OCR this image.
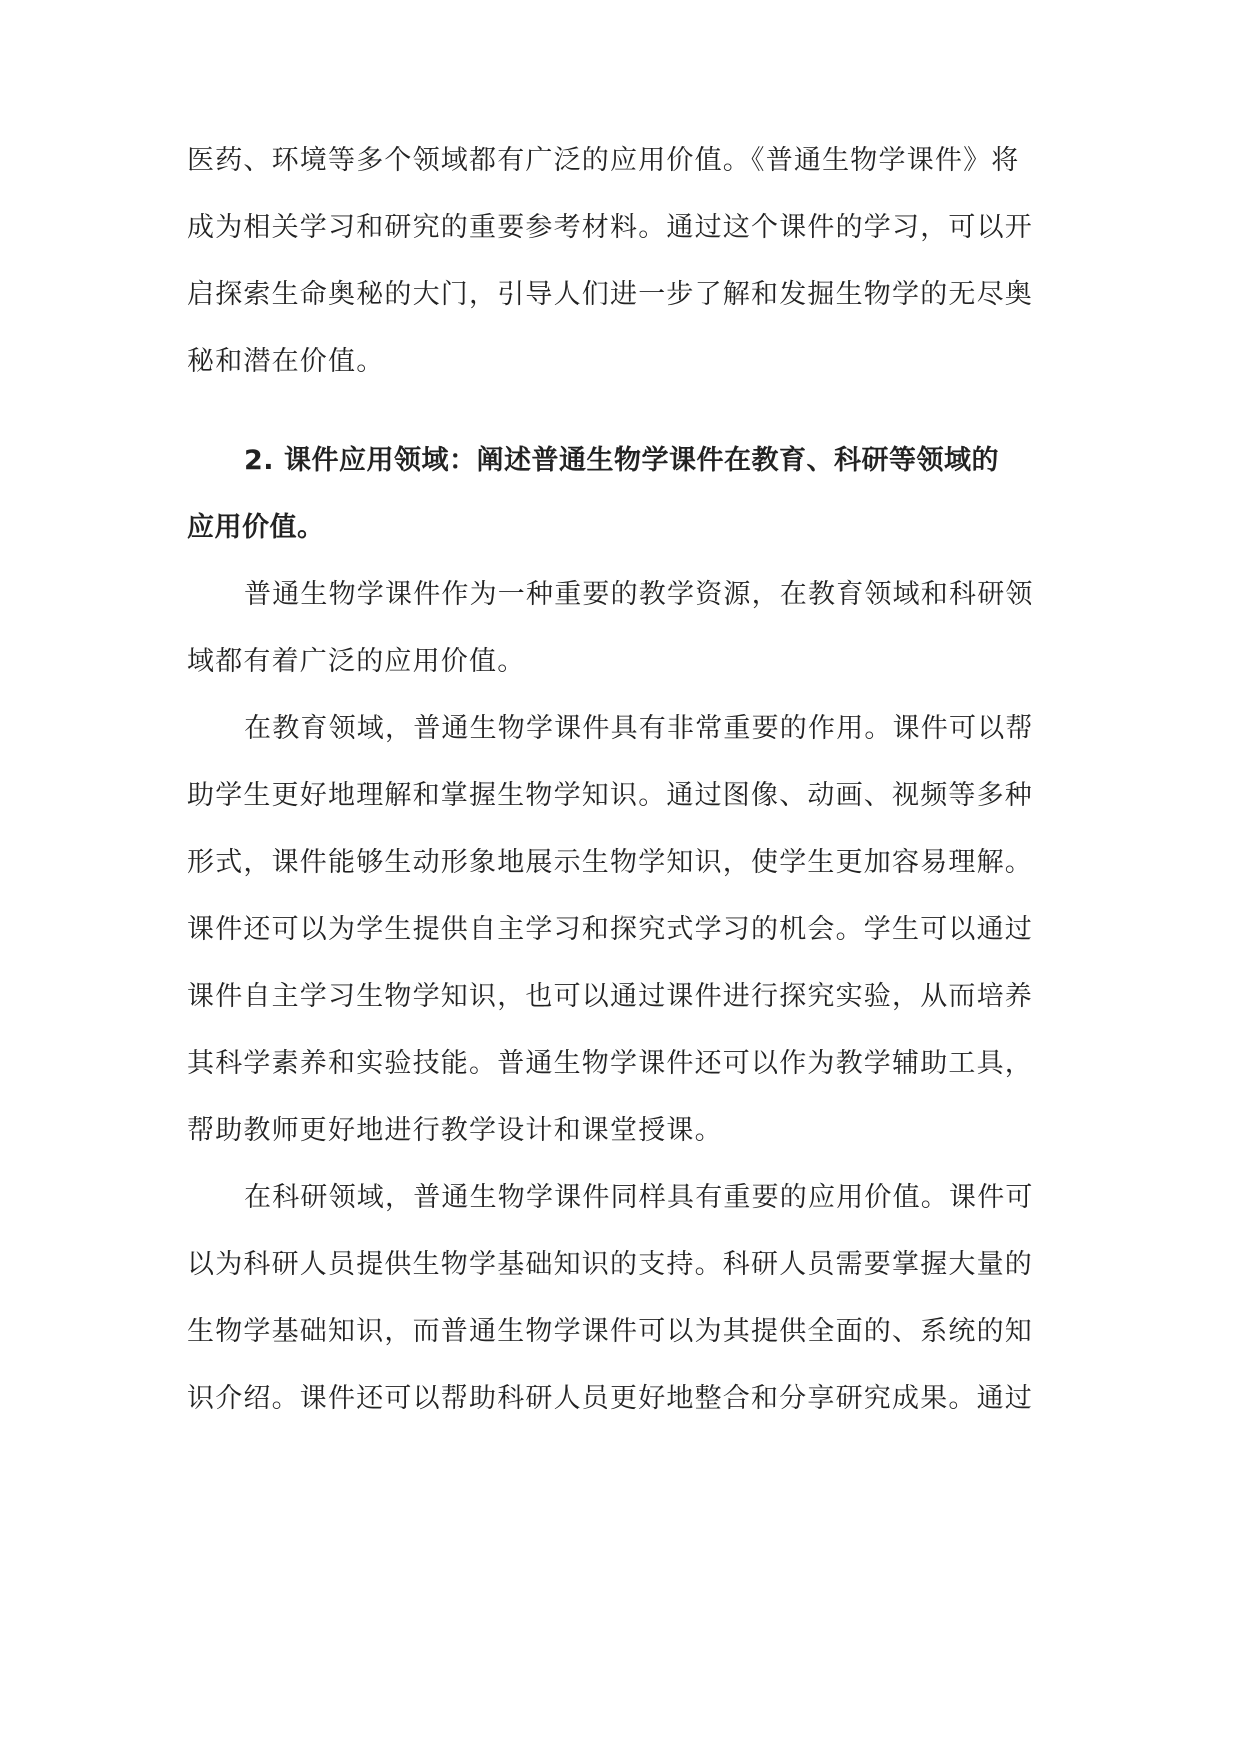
医药、环境等多个领域都有广泛的应用价值。《普通生物学课件》将
成为相关学习和研究的重要参考材料。通过这个课件的学习，可以开
启探索生命奥秘的大门，引导人们进一步了解和发掘生物学的无尽奥
秘和潜在价值。
2. 课件应用领域：阐述普通生物学课件在教育、科研等领域的
应用价值。
普通生物学课件作为一种重要的教学资源，在教育领域和科研领
域都有着广泛的应用价值。
在教育领域，普通生物学课件具有非常重要的作用。课件可以帮
助学生更好地理解和掌握生物学知识。通过图像、动画、视频等多种
形式，课件能够生动形象地展示生物学知识，使学生更加容易理解。
课件还可以为学生提供自主学习和探究式学习的机会。学生可以通过
课件自主学习生物学知识，也可以通过课件进行探究实验，从而培养
其科学素养和实验技能。普通生物学课件还可以作为教学辅助工具，
帮助教师更好地进行教学设计和课堂授课。
在科研领域，普通生物学课件同样具有重要的应用价值。课件可
以为科研人员提供生物学基础知识的支持。科研人员需要掌握大量的
生物学基础知识，而普通生物学课件可以为其提供全面的、系统的知
识介绍。课件还可以帮助科研人员更好地整合和分享研究成果。通过
